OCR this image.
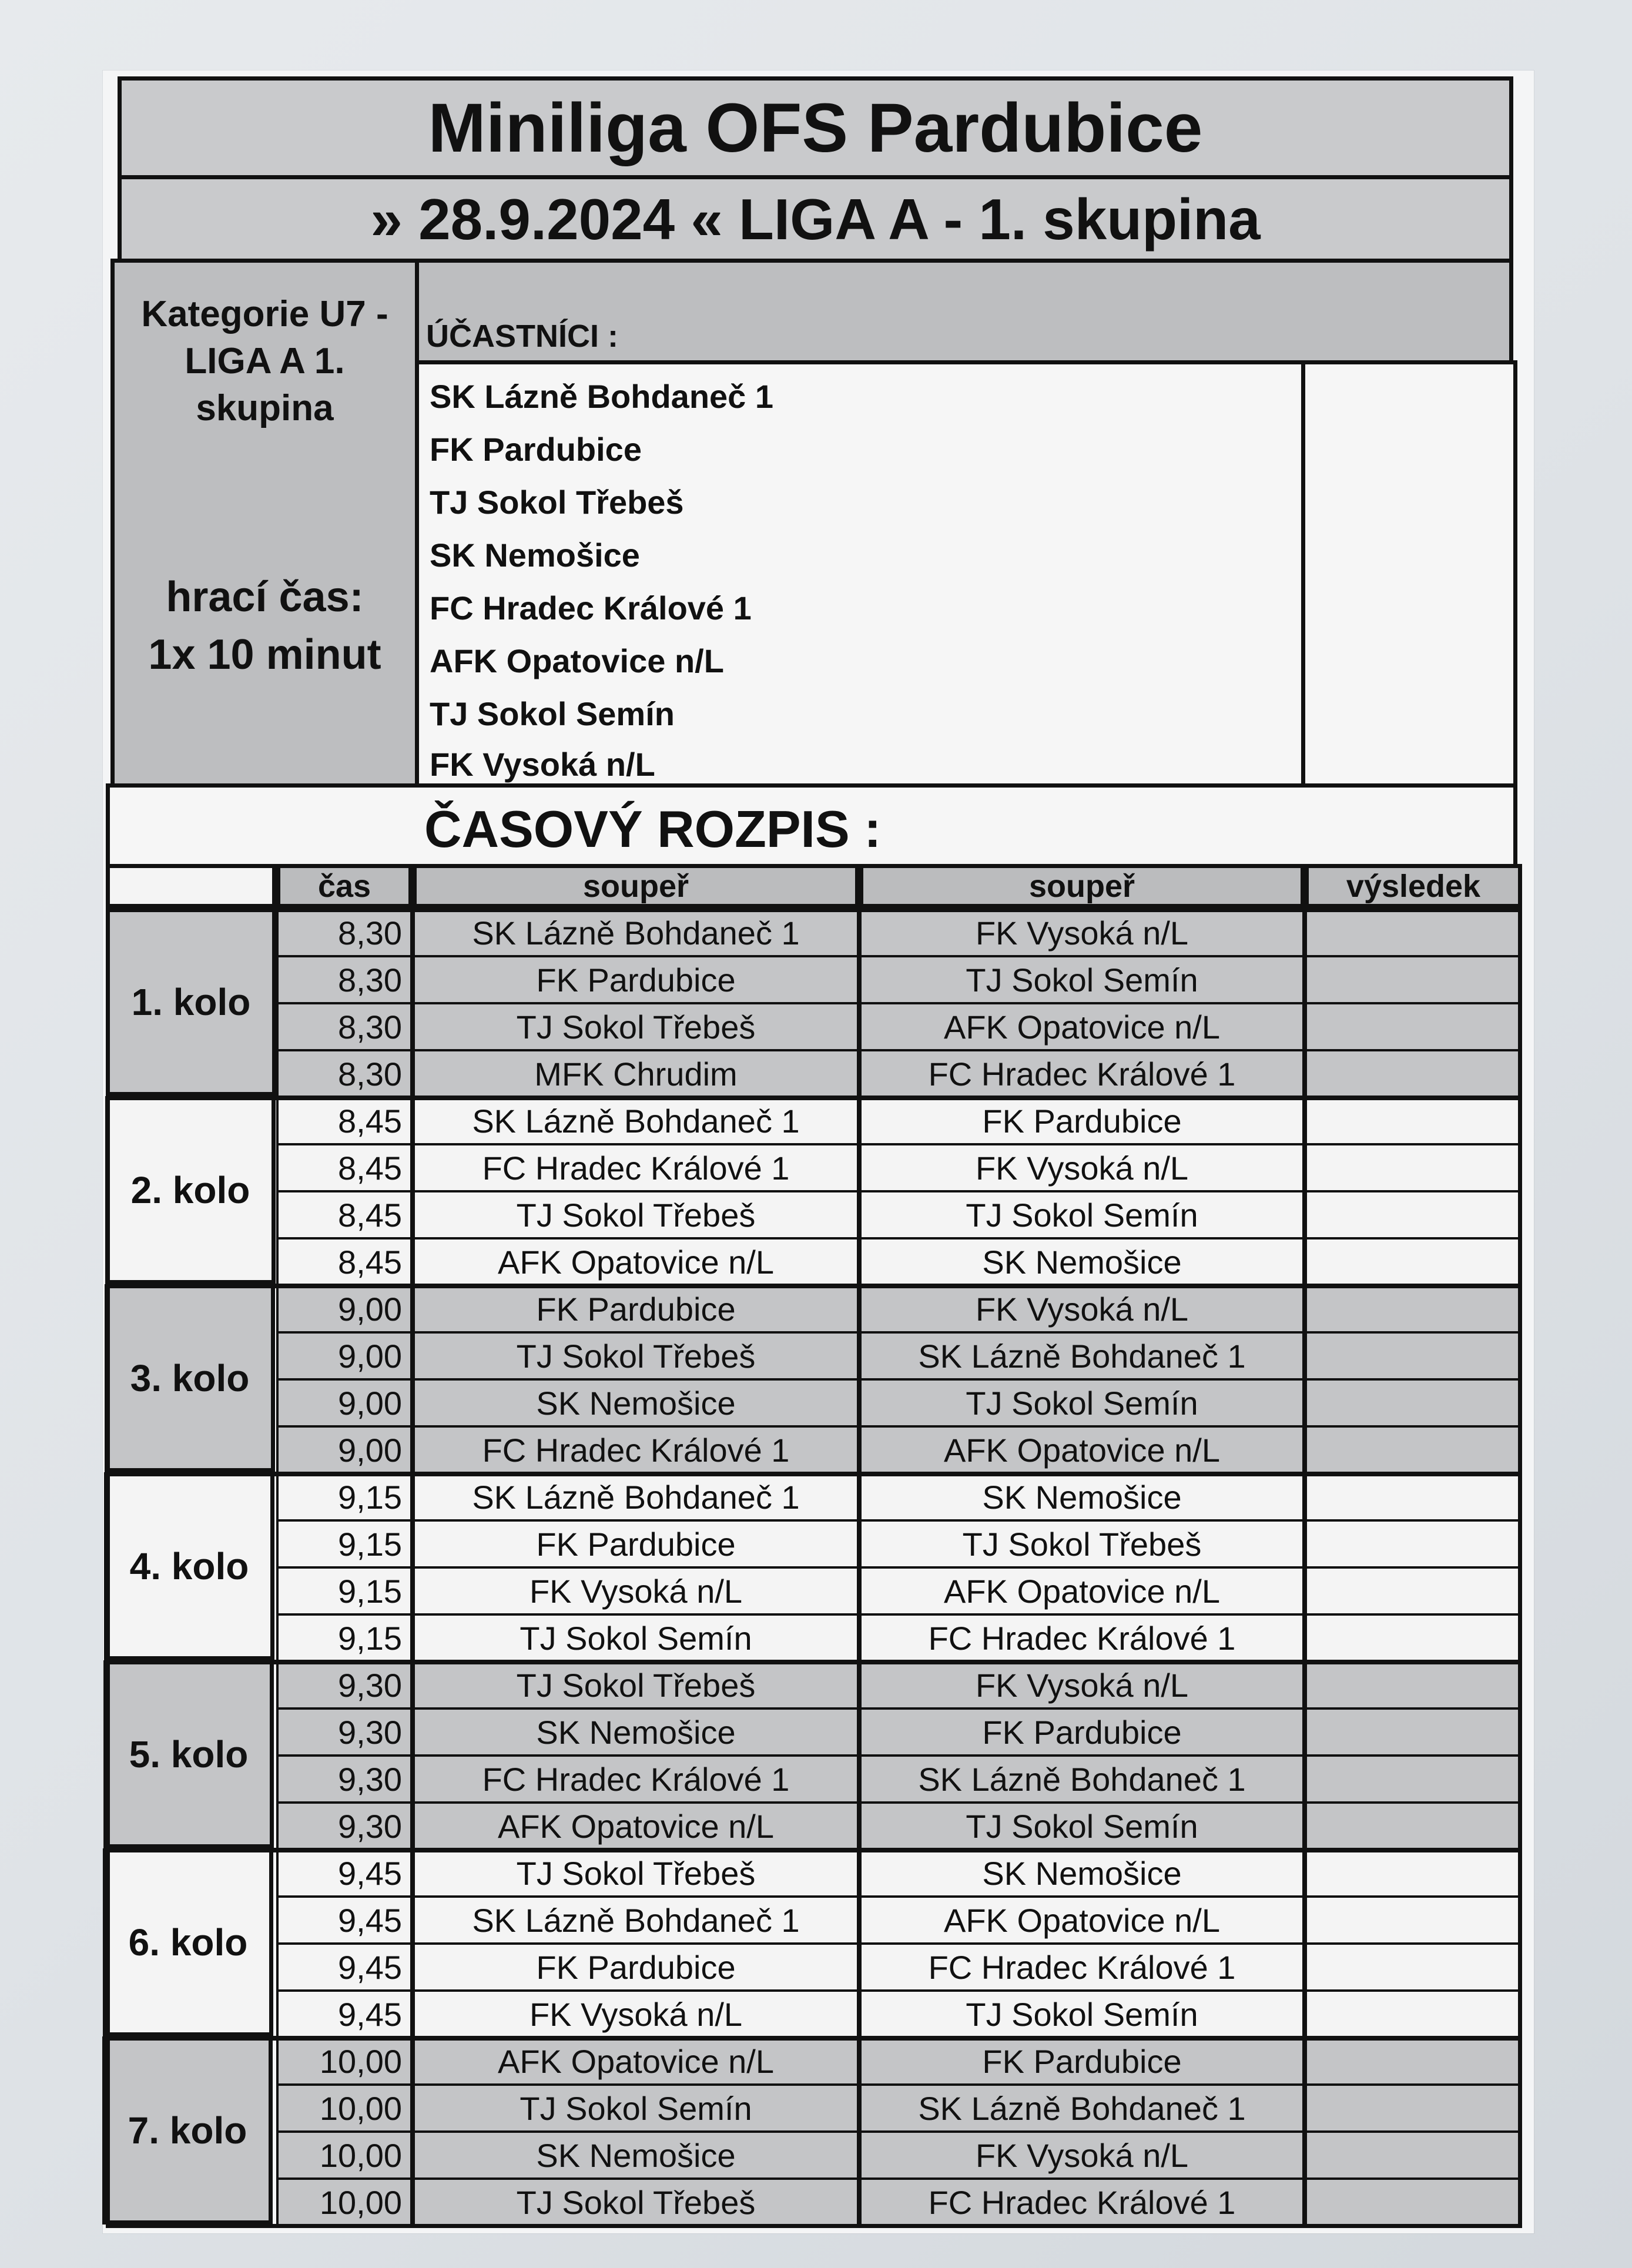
Miniliga OFS Pardubice
» 28.9.2024 « LIGA A - 1. skupina
Kategorie U7 -
LIGA A 1.
skupina
hrací čas:
1x 10 minut
ÚČASTNÍCI :
SK Lázně Bohdaneč 1
FK Pardubice
TJ Sokol Třebeš
SK Nemošice
FC Hradec Králové 1
AFK Opatovice n/L
TJ Sokol Semín
FK Vysoká n/L
ČASOVÝ ROZPIS :
čas	soupeř	soupeř	výsledek
1. kolo
8,30	SK Lázně Bohdaneč 1	FK Vysoká n/L
8,30	FK Pardubice	TJ Sokol Semín
8,30	TJ Sokol Třebeš	AFK Opatovice n/L
8,30	MFK Chrudim	FC Hradec Králové 1
2. kolo
8,45	SK Lázně Bohdaneč 1	FK Pardubice
8,45	FC Hradec Králové 1	FK Vysoká n/L
8,45	TJ Sokol Třebeš	TJ Sokol Semín
8,45	AFK Opatovice n/L	SK Nemošice
3. kolo
9,00	FK Pardubice	FK Vysoká n/L
9,00	TJ Sokol Třebeš	SK Lázně Bohdaneč 1
9,00	SK Nemošice	TJ Sokol Semín
9,00	FC Hradec Králové 1	AFK Opatovice n/L
4. kolo
9,15	SK Lázně Bohdaneč 1	SK Nemošice
9,15	FK Pardubice	TJ Sokol Třebeš
9,15	FK Vysoká n/L	AFK Opatovice n/L
9,15	TJ Sokol Semín	FC Hradec Králové 1
5. kolo
9,30	TJ Sokol Třebeš	FK Vysoká n/L
9,30	SK Nemošice	FK Pardubice
9,30	FC Hradec Králové 1	SK Lázně Bohdaneč 1
9,30	AFK Opatovice n/L	TJ Sokol Semín
6. kolo
9,45	TJ Sokol Třebeš	SK Nemošice
9,45	SK Lázně Bohdaneč 1	AFK Opatovice n/L
9,45	FK Pardubice	FC Hradec Králové 1
9,45	FK Vysoká n/L	TJ Sokol Semín
7. kolo
10,00	AFK Opatovice n/L	FK Pardubice
10,00	TJ Sokol Semín	SK Lázně Bohdaneč 1
10,00	SK Nemošice	FK Vysoká n/L
10,00	TJ Sokol Třebeš	FC Hradec Králové 1
